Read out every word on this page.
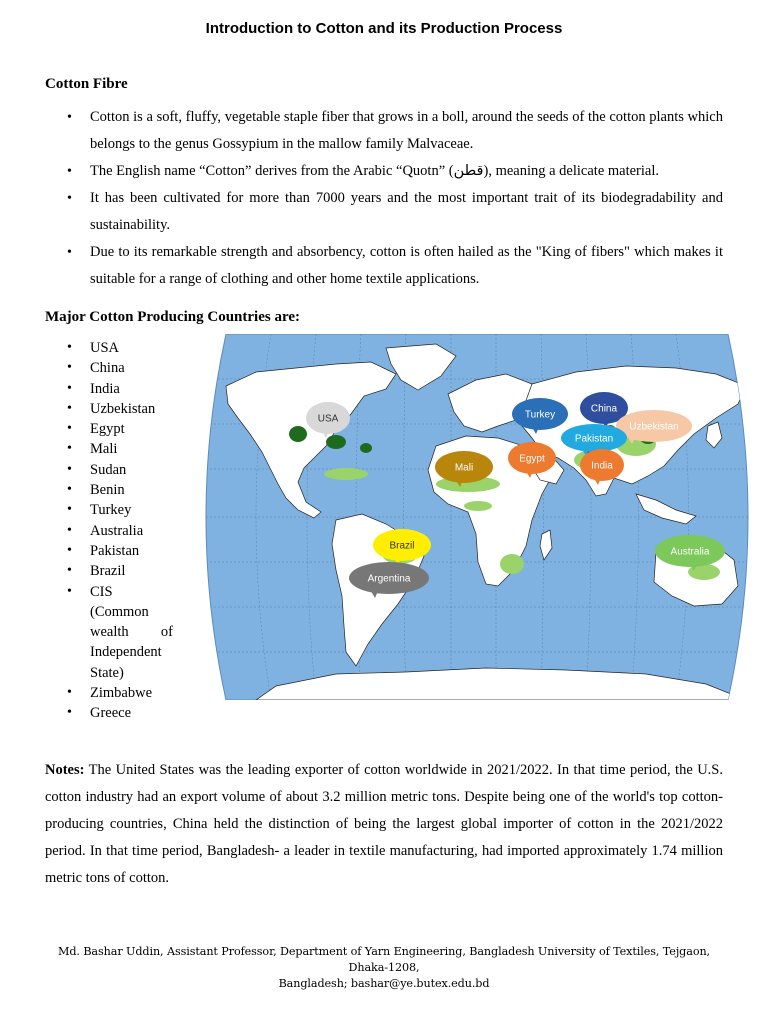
Introduction to Cotton and its Production Process
Cotton Fibre
• Cotton is a soft, fluffy, vegetable staple fiber that grows in a boll, around the seeds of the cotton plants which belongs to the genus Gossypium in the mallow family Malvaceae.
• The English name “Cotton” derives from the Arabic “Quotn” (قطن), meaning a delicate material.
• It has been cultivated for more than 7000 years and the most important trait of its biodegradability and sustainability.
• Due to its remarkable strength and absorbency, cotton is often hailed as the "King of fibers" which makes it suitable for a range of clothing and other home textile applications.
Major Cotton Producing Countries are:
• USA
• China
• India
• Uzbekistan
• Egypt
• Mali
• Sudan
• Benin
• Turkey
• Australia
• Pakistan
• Brazil
• CIS (Common wealth of Independent State)
• Zimbabwe
• Greece
USA	Turkey
China
Uzbekistan
Pakistan
Mali
Egypt
India
Brazil
Argentina
Australia
Notes: The United States was the leading exporter of cotton worldwide in 2021/2022. In that time period, the U.S. cotton industry had an export volume of about 3.2 million metric tons. Despite being one of the world's top cotton-producing countries, China held the distinction of being the largest global importer of cotton in the 2021/2022 period. In that time period, Bangladesh- a leader in textile manufacturing, had imported approximately 1.74 million metric tons of cotton.
Md. Bashar Uddin, Assistant Professor, Department of Yarn Engineering, Bangladesh University of Textiles, Tejgaon, Dhaka-1208,
Bangladesh; bashar@ye.butex.edu.bd
